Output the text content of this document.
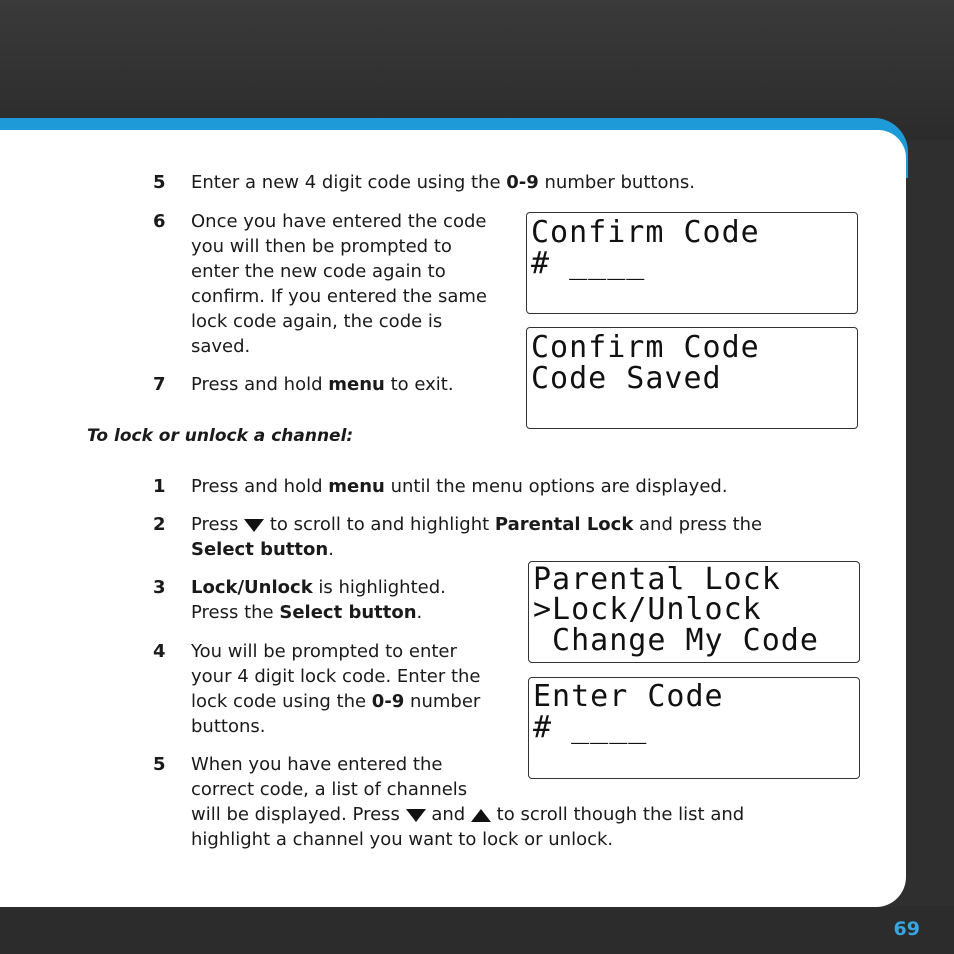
69
5 Enter a new 4 digit code using the 0-9 number buttons.
6 Once you have entered the code
you will then be prompted to
enter the new code again to
confirm. If you entered the same
lock code again, the code is
saved.
7 Press and hold menu to exit.
To lock or unlock a channel:
1 Press and hold menu until the menu options are displayed.
2 Press  to scroll to and highlight Parental Lock and press the
Select button.
3 Lock/Unlock is highlighted.
Press the Select button.
4 You will be prompted to enter
your 4 digit lock code. Enter the
lock code using the 0-9 number
buttons.
5 When you have entered the
correct code, a list of channels
will be displayed. Press  and  to scroll though the list and
highlight a channel you want to lock or unlock.
Confirm Code
# ____
Confirm Code
Code Saved
Parental Lock
>Lock/Unlock
Change My Code
Enter Code
# ____
